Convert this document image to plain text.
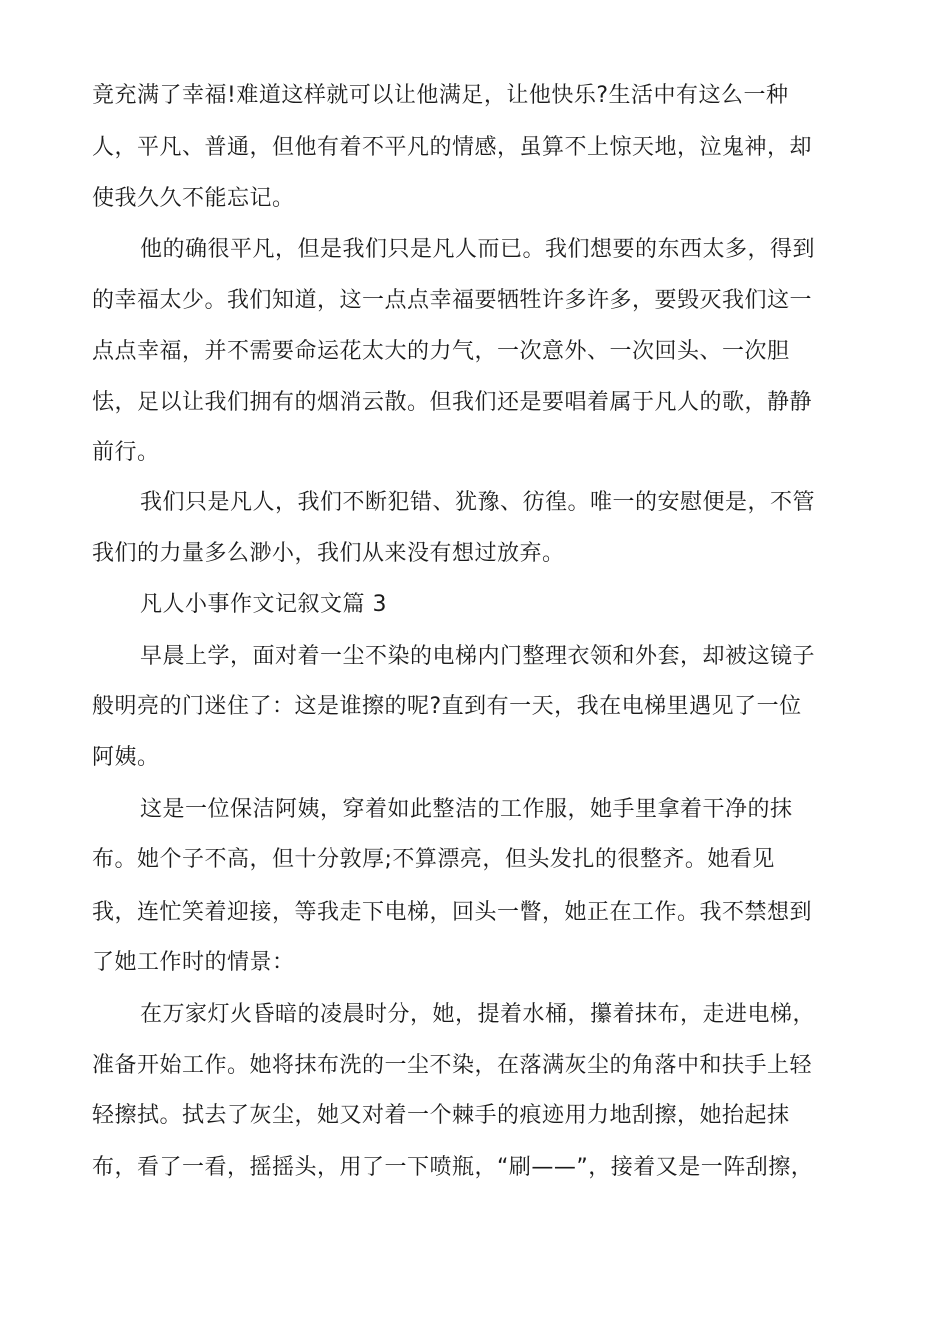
竟充满了幸福!难道这样就可以让他满足，让他快乐?生活中有这么一种
人，平凡、普通，但他有着不平凡的情感，虽算不上惊天地，泣鬼神，却
使我久久不能忘记。
他的确很平凡，但是我们只是凡人而已。我们想要的东西太多，得到
的幸福太少。我们知道，这一点点幸福要牺牲许多许多，要毁灭我们这一
点点幸福，并不需要命运花太大的力气，一次意外、一次回头、一次胆
怯，足以让我们拥有的烟消云散。但我们还是要唱着属于凡人的歌，静静
前行。
我们只是凡人，我们不断犯错、犹豫、彷徨。唯一的安慰便是，不管
我们的力量多么渺小，我们从来没有想过放弃。
凡人小事作文记叙文篇 3
早晨上学，面对着一尘不染的电梯内门整理衣领和外套，却被这镜子
般明亮的门迷住了：这是谁擦的呢?直到有一天，我在电梯里遇见了一位
阿姨。
这是一位保洁阿姨，穿着如此整洁的工作服，她手里拿着干净的抹
布。她个子不高，但十分敦厚;不算漂亮，但头发扎的很整齐。她看见
我，连忙笑着迎接，等我走下电梯，回头一瞥，她正在工作。我不禁想到
了她工作时的情景：
在万家灯火昏暗的凌晨时分，她，提着水桶，攥着抹布，走进电梯，
准备开始工作。她将抹布洗的一尘不染，在落满灰尘的角落中和扶手上轻
轻擦拭。拭去了灰尘，她又对着一个棘手的痕迹用力地刮擦，她抬起抹
布，看了一看，摇摇头，用了一下喷瓶，“刷——”，接着又是一阵刮擦，
